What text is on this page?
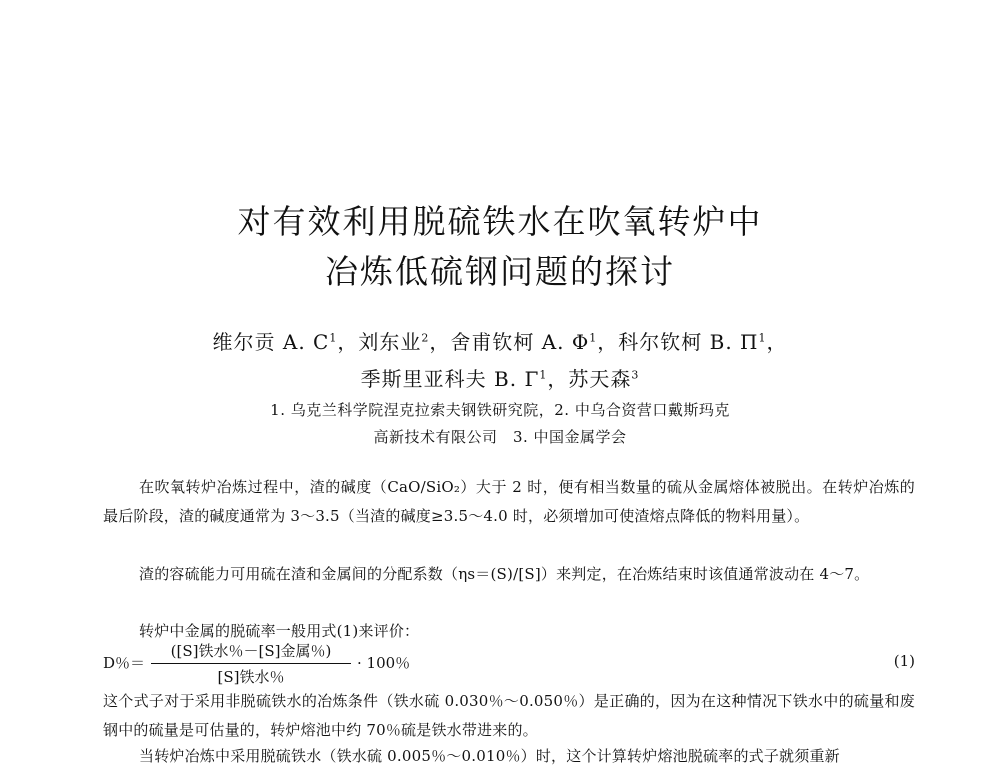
对有效利用脱硫铁水在吹氧转炉中
冶炼低硫钢问题的探讨
维尔贡 A. $C^1$，刘东业$^2$，舍甫钦柯 A. $\Phi^1$，科尔钦柯 B. $\Pi^1$，
季斯里亚科夫 B. $\Gamma^1$，苏天森$^3$
1. 乌克兰科学院涅克拉索夫钢铁研究院，2. 中乌合资营口戴斯玛克
高新技术有限公司　3. 中国金属学会
在吹氧转炉冶炼过程中，渣的碱度（CaO/SiO₂）大于 2 时，便有相当数量的硫从金属熔体被脱出。在转炉冶炼的最后阶段，渣的碱度通常为 3～3.5（当渣的碱度≥3.5～4.0 时，必须增加可使渣熔点降低的物料用量）。
渣的容硫能力可用硫在渣和金属间的分配系数（ηs＝(S)/[S]）来判定，在冶炼结束时该值通常波动在 4～7。
转炉中金属的脱硫率一般用式(1)来评价：
D％＝
([S]铁水％－[S]金属％)
[S]铁水％
· 100％	(1)
这个式子对于采用非脱硫铁水的冶炼条件（铁水硫 0.030％～0.050％）是正确的，因为在这种情况下铁水中的硫量和废钢中的硫量是可估量的，转炉熔池中约 70％硫是铁水带进来的。
当转炉冶炼中采用脱硫铁水（铁水硫 0.005％～0.010％）时，这个计算转炉熔池脱硫率的式子就须重新
